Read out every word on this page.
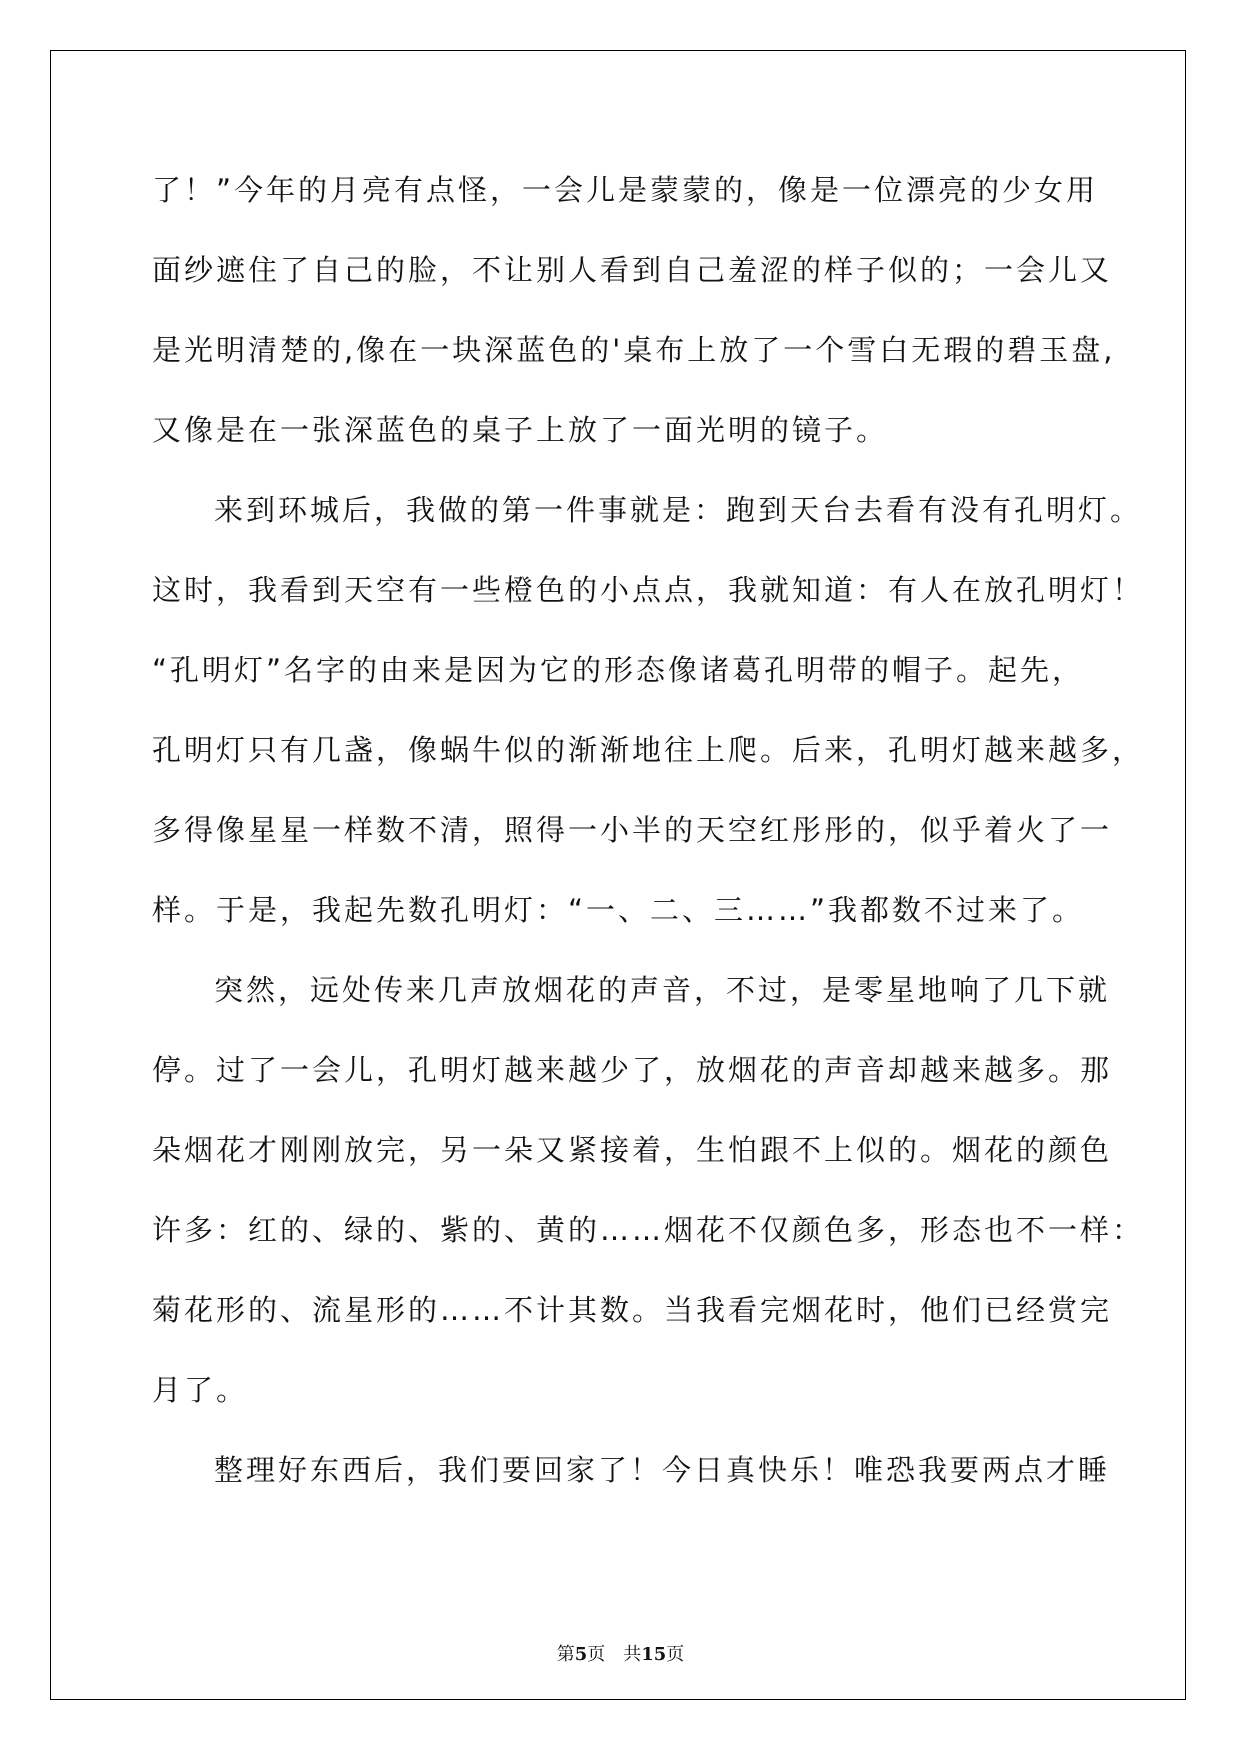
了！”今年的月亮有点怪，一会儿是蒙蒙的，像是一位漂亮的少女用
面纱遮住了自己的脸，不让别人看到自己羞涩的样子似的；一会儿又
是光明清楚的,像在一块深蓝色的'桌布上放了一个雪白无瑕的碧玉盘,
又像是在一张深蓝色的桌子上放了一面光明的镜子。
来到环城后，我做的第一件事就是：跑到天台去看有没有孔明灯。
这时，我看到天空有一些橙色的小点点，我就知道：有人在放孔明灯！
“孔明灯”名字的由来是因为它的形态像诸葛孔明带的帽子。起先，
孔明灯只有几盏，像蜗牛似的渐渐地往上爬。后来，孔明灯越来越多，
多得像星星一样数不清，照得一小半的天空红彤彤的，似乎着火了一
样。于是，我起先数孔明灯：“一、二、三……”我都数不过来了。
突然，远处传来几声放烟花的声音，不过，是零星地响了几下就
停。过了一会儿，孔明灯越来越少了，放烟花的声音却越来越多。那
朵烟花才刚刚放完，另一朵又紧接着，生怕跟不上似的。烟花的颜色
许多：红的、绿的、紫的、黄的……烟花不仅颜色多，形态也不一样：
菊花形的、流星形的……不计其数。当我看完烟花时，他们已经赏完
月了。
整理好东西后，我们要回家了！今日真快乐！唯恐我要两点才睡
第5页 共15页
